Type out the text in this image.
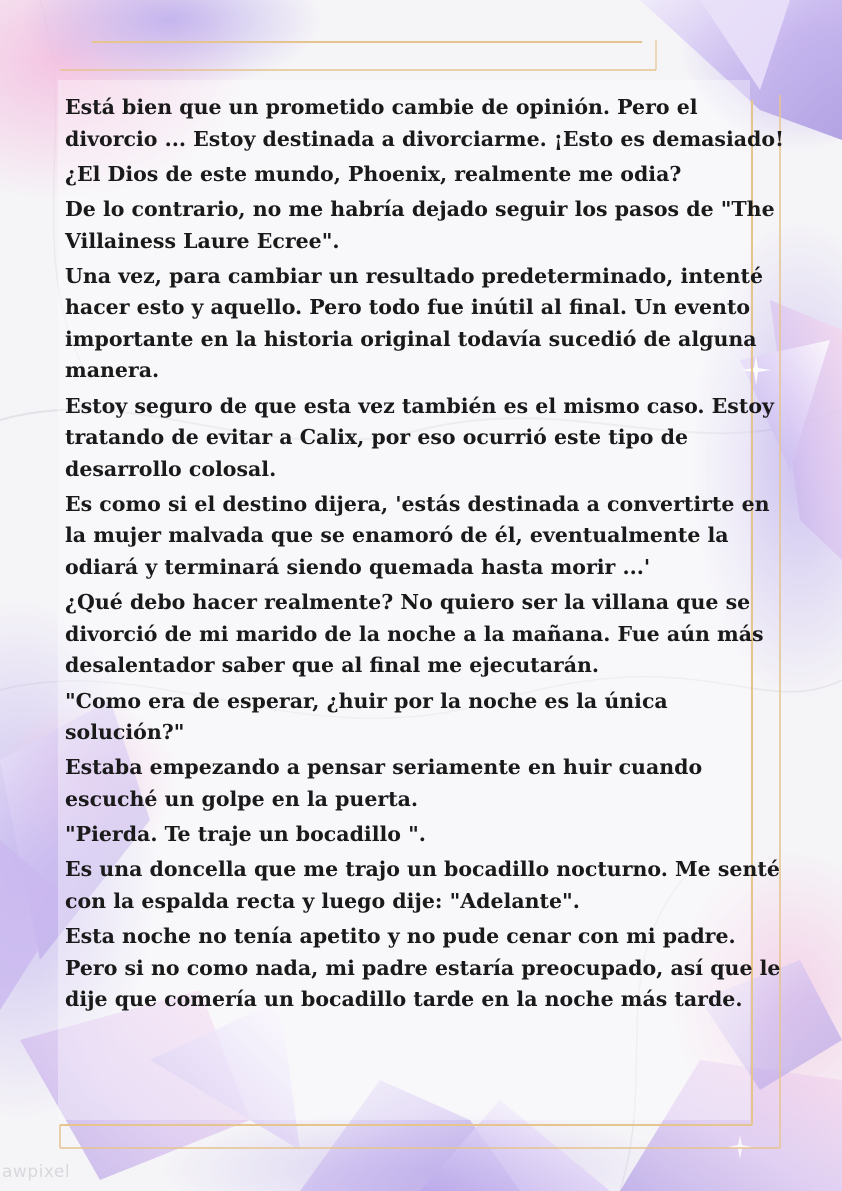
Está bien que un prometido cambie de opinión. Pero el divorcio ... Estoy destinada a divorciarme. ¡Esto es demasiado!

¿El Dios de este mundo, Phoenix, realmente me odia?

De lo contrario, no me habría dejado seguir los pasos de "The Villainess Laure Ecree".

Una vez, para cambiar un resultado predeterminado, intenté hacer esto y aquello. Pero todo fue inútil al final. Un evento importante en la historia original todavía sucedió de alguna manera.

Estoy seguro de que esta vez también es el mismo caso. Estoy tratando de evitar a Calix, por eso ocurrió este tipo de desarrollo colosal.

Es como si el destino dijera, 'estás destinada a convertirte en la mujer malvada que se enamoró de él, eventualmente la odiará y terminará siendo quemada hasta morir ...'

¿Qué debo hacer realmente? No quiero ser la villana que se divorció de mi marido de la noche a la mañana. Fue aún más desalentador saber que al final me ejecutarán.

"Como era de esperar, ¿huir por la noche es la única solución?"

Estaba empezando a pensar seriamente en huir cuando escuché un golpe en la puerta.

"Pierda. Te traje un bocadillo ".

Es una doncella que me trajo un bocadillo nocturno. Me senté con la espalda recta y luego dije: "Adelante".

Esta noche no tenía apetito y no pude cenar con mi padre. Pero si no como nada, mi padre estaría preocupado, así que le dije que comería un bocadillo tarde en la noche más tarde.

awpixel
